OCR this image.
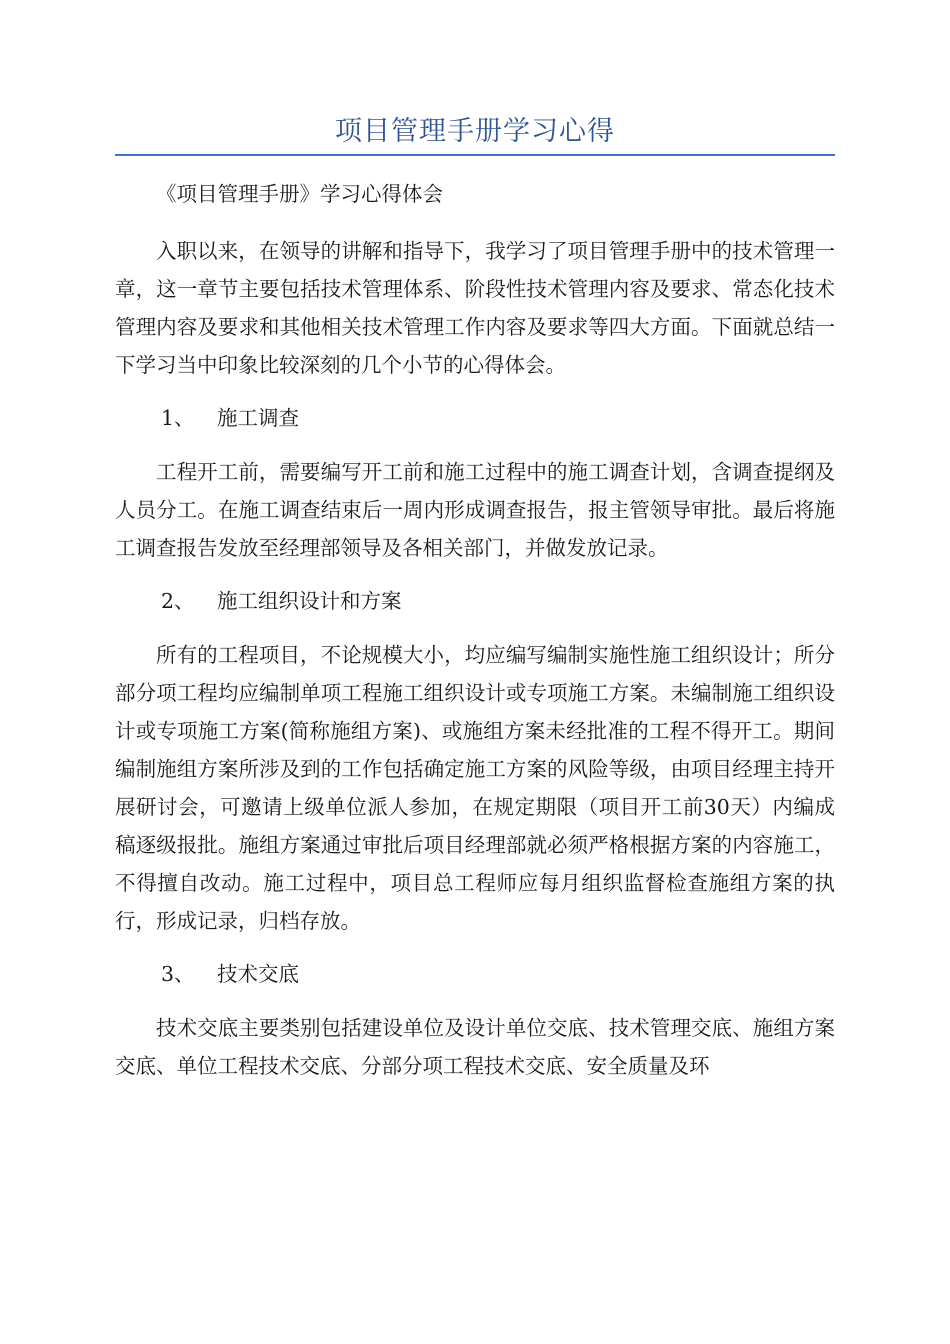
项目管理手册学习心得

《项目管理手册》学习心得体会

入职以来，在领导的讲解和指导下，我学习了项目管理手册中的技术管理一章，这一章节主要包括技术管理体系、阶段性技术管理内容及要求、常态化技术管理内容及要求和其他相关技术管理工作内容及要求等四大方面。下面就总结一下学习当中印象比较深刻的几个小节的心得体会。

1、 施工调查

工程开工前，需要编写开工前和施工过程中的施工调查计划，含调查提纲及人员分工。在施工调查结束后一周内形成调查报告，报主管领导审批。最后将施工调查报告发放至经理部领导及各相关部门，并做发放记录。

2、 施工组织设计和方案

所有的工程项目，不论规模大小，均应编写编制实施性施工组织设计；所分部分项工程均应编制单项工程施工组织设计或专项施工方案。未编制施工组织设计或专项施工方案(简称施组方案)、或施组方案未经批准的工程不得开工。期间编制施组方案所涉及到的工作包括确定施工方案的风险等级，由项目经理主持开展研讨会，可邀请上级单位派人参加，在规定期限（项目开工前30天）内编成稿逐级报批。施组方案通过审批后项目经理部就必须严格根据方案的内容施工，不得擅自改动。施工过程中，项目总工程师应每月组织监督检查施组方案的执行，形成记录，归档存放。

3、 技术交底

技术交底主要类别包括建设单位及设计单位交底、技术管理交底、施组方案交底、单位工程技术交底、分部分项工程技术交底、安全质量及环
